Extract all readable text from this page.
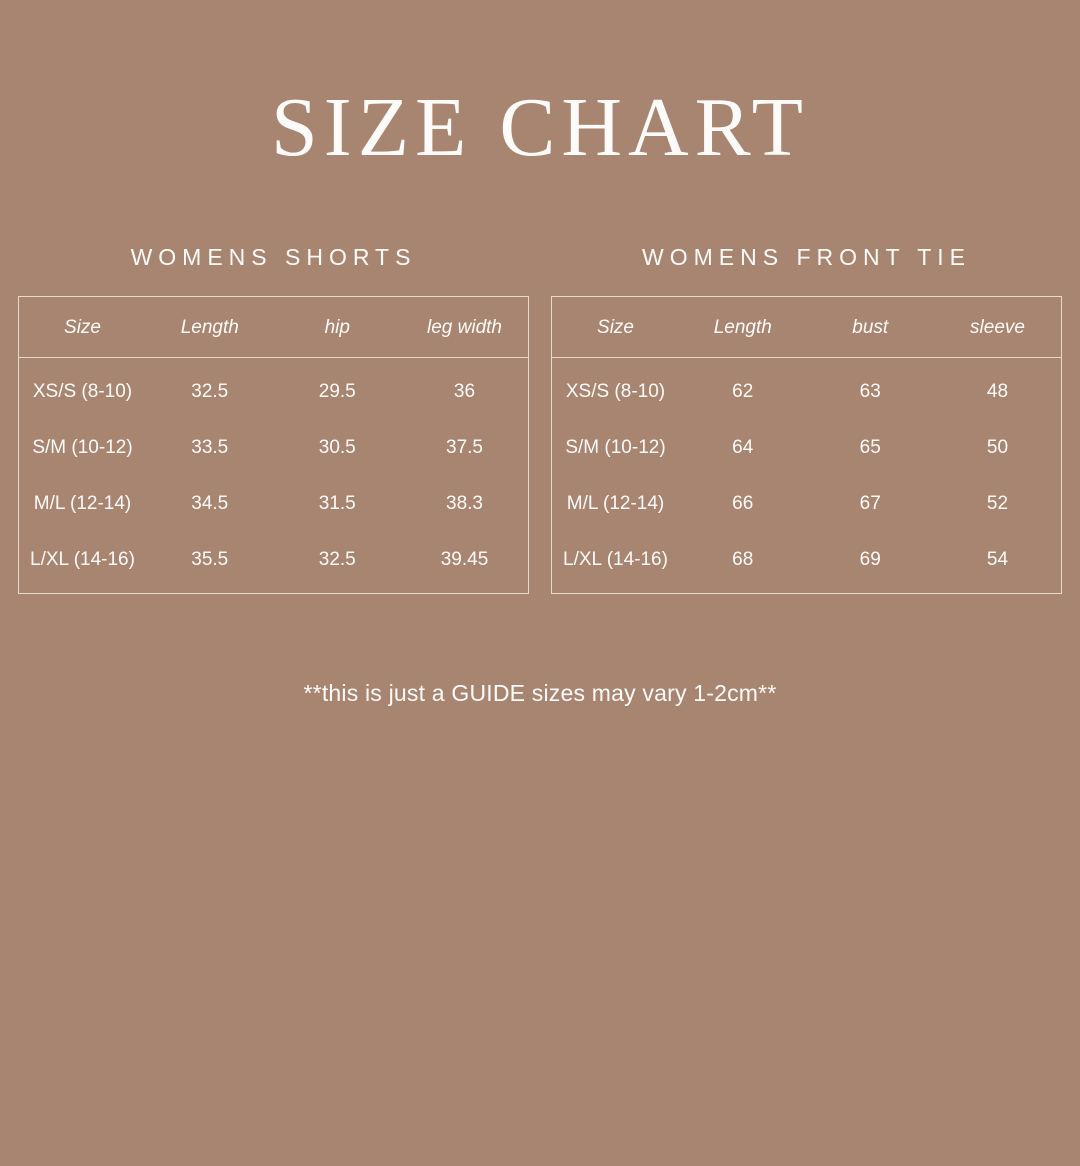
SIZE CHART
WOMENS SHORTS
Size	Length	hip	leg width
XS/S (8-10)	32.5	29.5	36
S/M (10-12)	33.5	30.5	37.5
M/L (12-14)	34.5	31.5	38.3
L/XL (14-16)	35.5	32.5	39.45
WOMENS FRONT TIE
Size	Length	bust	sleeve
XS/S (8-10)	62	63	48
S/M (10-12)	64	65	50
M/L (12-14)	66	67	52
L/XL (14-16)	68	69	54
**this is just a GUIDE sizes may vary 1-2cm**
